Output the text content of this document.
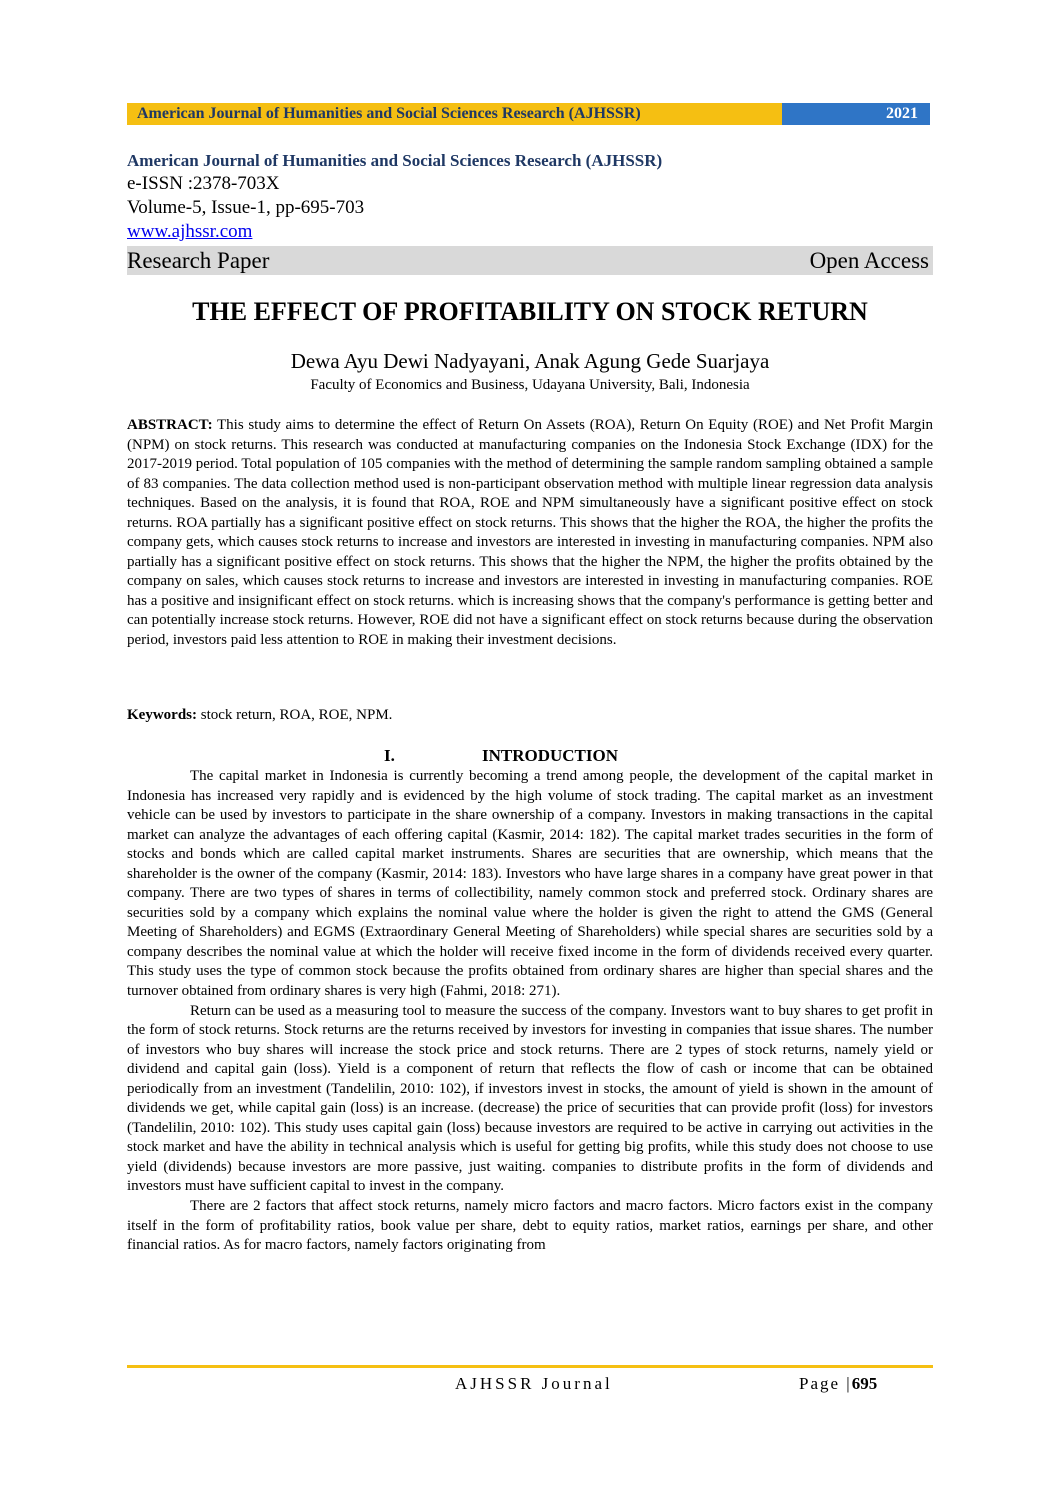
American Journal of Humanities and Social Sciences Research (AJHSSR)	2021
American Journal of Humanities and Social Sciences Research (AJHSSR)
e-ISSN :2378-703X
Volume-5, Issue-1, pp-695-703
www.ajhssr.com
Research Paper	Open Access
THE EFFECT OF PROFITABILITY ON STOCK RETURN
Dewa Ayu Dewi Nadyayani, Anak Agung Gede Suarjaya
Faculty of Economics and Business, Udayana University, Bali, Indonesia

ABSTRACT: This study aims to determine the effect of Return On Assets (ROA), Return On Equity (ROE) and Net Profit Margin (NPM) on stock returns. This research was conducted at manufacturing companies on the Indonesia Stock Exchange (IDX) for the 2017-2019 period. Total population of 105 companies with the method of determining the sample random sampling obtained a sample of 83 companies. The data collection method used is non-participant observation method with multiple linear regression data analysis techniques. Based on the analysis, it is found that ROA, ROE and NPM simultaneously have a significant positive effect on stock returns. ROA partially has a significant positive effect on stock returns. This shows that the higher the ROA, the higher the profits the company gets, which causes stock returns to increase and investors are interested in investing in manufacturing companies. NPM also partially has a significant positive effect on stock returns. This shows that the higher the NPM, the higher the profits obtained by the company on sales, which causes stock returns to increase and investors are interested in investing in manufacturing companies. ROE has a positive and insignificant effect on stock returns. which is increasing shows that the company's performance is getting better and can potentially increase stock returns. However, ROE did not have a significant effect on stock returns because during the observation period, investors paid less attention to ROE in making their investment decisions.

Keywords: stock return, ROA, ROE, NPM.

I.	INTRODUCTION

The capital market in Indonesia is currently becoming a trend among people, the development of the capital market in Indonesia has increased very rapidly and is evidenced by the high volume of stock trading. The capital market as an investment vehicle can be used by investors to participate in the share ownership of a company. Investors in making transactions in the capital market can analyze the advantages of each offering capital (Kasmir, 2014: 182). The capital market trades securities in the form of stocks and bonds which are called capital market instruments. Shares are securities that are ownership, which means that the shareholder is the owner of the company (Kasmir, 2014: 183). Investors who have large shares in a company have great power in that company. There are two types of shares in terms of collectibility, namely common stock and preferred stock. Ordinary shares are securities sold by a company which explains the nominal value where the holder is given the right to attend the GMS (General Meeting of Shareholders) and EGMS (Extraordinary General Meeting of Shareholders) while special shares are securities sold by a company describes the nominal value at which the holder will receive fixed income in the form of dividends received every quarter. This study uses the type of common stock because the profits obtained from ordinary shares are higher than special shares and the turnover obtained from ordinary shares is very high (Fahmi, 2018: 271).

Return can be used as a measuring tool to measure the success of the company. Investors want to buy shares to get profit in the form of stock returns. Stock returns are the returns received by investors for investing in companies that issue shares. The number of investors who buy shares will increase the stock price and stock returns. There are 2 types of stock returns, namely yield or dividend and capital gain (loss). Yield is a component of return that reflects the flow of cash or income that can be obtained periodically from an investment (Tandelilin, 2010: 102), if investors invest in stocks, the amount of yield is shown in the amount of dividends we get, while capital gain (loss) is an increase. (decrease) the price of securities that can provide profit (loss) for investors (Tandelilin, 2010: 102). This study uses capital gain (loss) because investors are required to be active in carrying out activities in the stock market and have the ability in technical analysis which is useful for getting big profits, while this study does not choose to use yield (dividends) because investors are more passive, just waiting. companies to distribute profits in the form of dividends and investors must have sufficient capital to invest in the company.

There are 2 factors that affect stock returns, namely micro factors and macro factors. Micro factors exist in the company itself in the form of profitability ratios, book value per share, debt to equity ratios, market ratios, earnings per share, and other financial ratios. As for macro factors, namely factors originating from

AJHSSR Journal	Page |695
